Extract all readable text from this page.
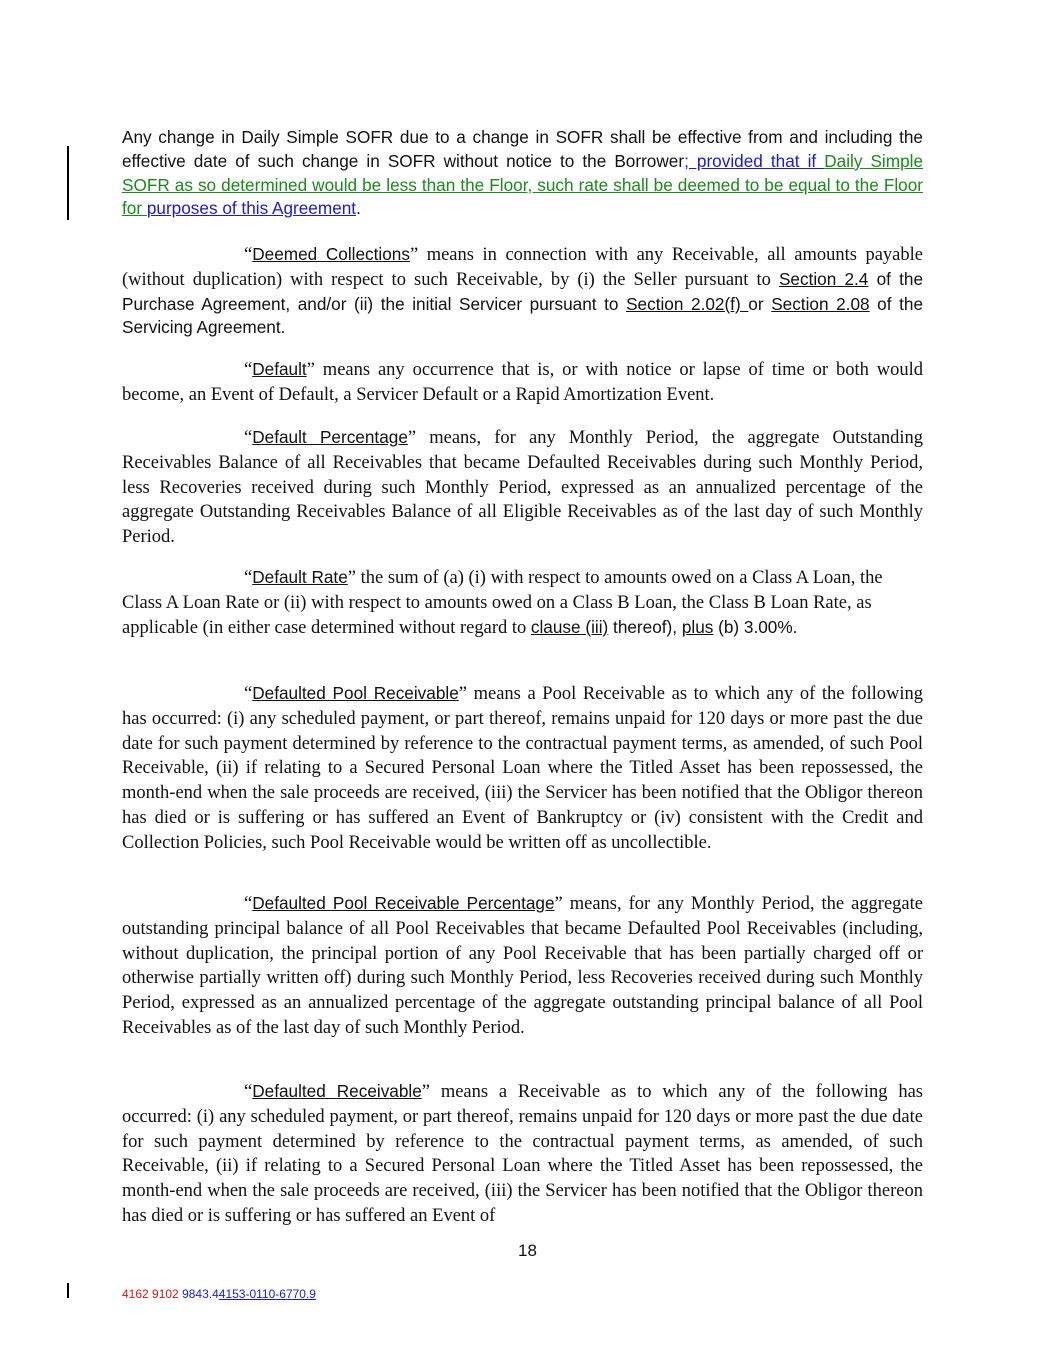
Any change in Daily Simple SOFR due to a change in SOFR shall be effective from and including the effective date of such change in SOFR without notice to the Borrower; provided that if Daily Simple SOFR as so determined would be less than the Floor, such rate shall be deemed to be equal to the Floor for purposes of this Agreement.
“Deemed Collections” means in connection with any Receivable, all amounts payable (without duplication) with respect to such Receivable, by (i) the Seller pursuant to Section 2.4 of the Purchase Agreement, and/or (ii) the initial Servicer pursuant to Section 2.02(f) or Section 2.08 of the Servicing Agreement.
“Default” means any occurrence that is, or with notice or lapse of time or both would become, an Event of Default, a Servicer Default or a Rapid Amortization Event.
“Default Percentage” means, for any Monthly Period, the aggregate Outstanding Receivables Balance of all Receivables that became Defaulted Receivables during such Monthly Period, less Recoveries received during such Monthly Period, expressed as an annualized percentage of the aggregate Outstanding Receivables Balance of all Eligible Receivables as of the last day of such Monthly Period.
“Default Rate” the sum of (a) (i) with respect to amounts owed on a Class A Loan, the Class A Loan Rate or (ii) with respect to amounts owed on a Class B Loan, the Class B Loan Rate, as applicable (in either case determined without regard to clause (iii) thereof), plus (b) 3.00%.
“Defaulted Pool Receivable” means a Pool Receivable as to which any of the following has occurred: (i) any scheduled payment, or part thereof, remains unpaid for 120 days or more past the due date for such payment determined by reference to the contractual payment terms, as amended, of such Pool Receivable, (ii) if relating to a Secured Personal Loan where the Titled Asset has been repossessed, the month-end when the sale proceeds are received, (iii) the Servicer has been notified that the Obligor thereon has died or is suffering or has suffered an Event of Bankruptcy or (iv) consistent with the Credit and Collection Policies, such Pool Receivable would be written off as uncollectible.
“Defaulted Pool Receivable Percentage” means, for any Monthly Period, the aggregate outstanding principal balance of all Pool Receivables that became Defaulted Pool Receivables (including, without duplication, the principal portion of any Pool Receivable that has been partially charged off or otherwise partially written off) during such Monthly Period, less Recoveries received during such Monthly Period, expressed as an annualized percentage of the aggregate outstanding principal balance of all Pool Receivables as of the last day of such Monthly Period.
“Defaulted Receivable” means a Receivable as to which any of the following has occurred: (i) any scheduled payment, or part thereof, remains unpaid for 120 days or more past the due date for such payment determined by reference to the contractual payment terms, as amended, of such Receivable, (ii) if relating to a Secured Personal Loan where the Titled Asset has been repossessed, the month-end when the sale proceeds are received, (iii) the Servicer has been notified that the Obligor thereon has died or is suffering or has suffered an Event of
18
4162 9102 9843.44153-0110-6770.9
